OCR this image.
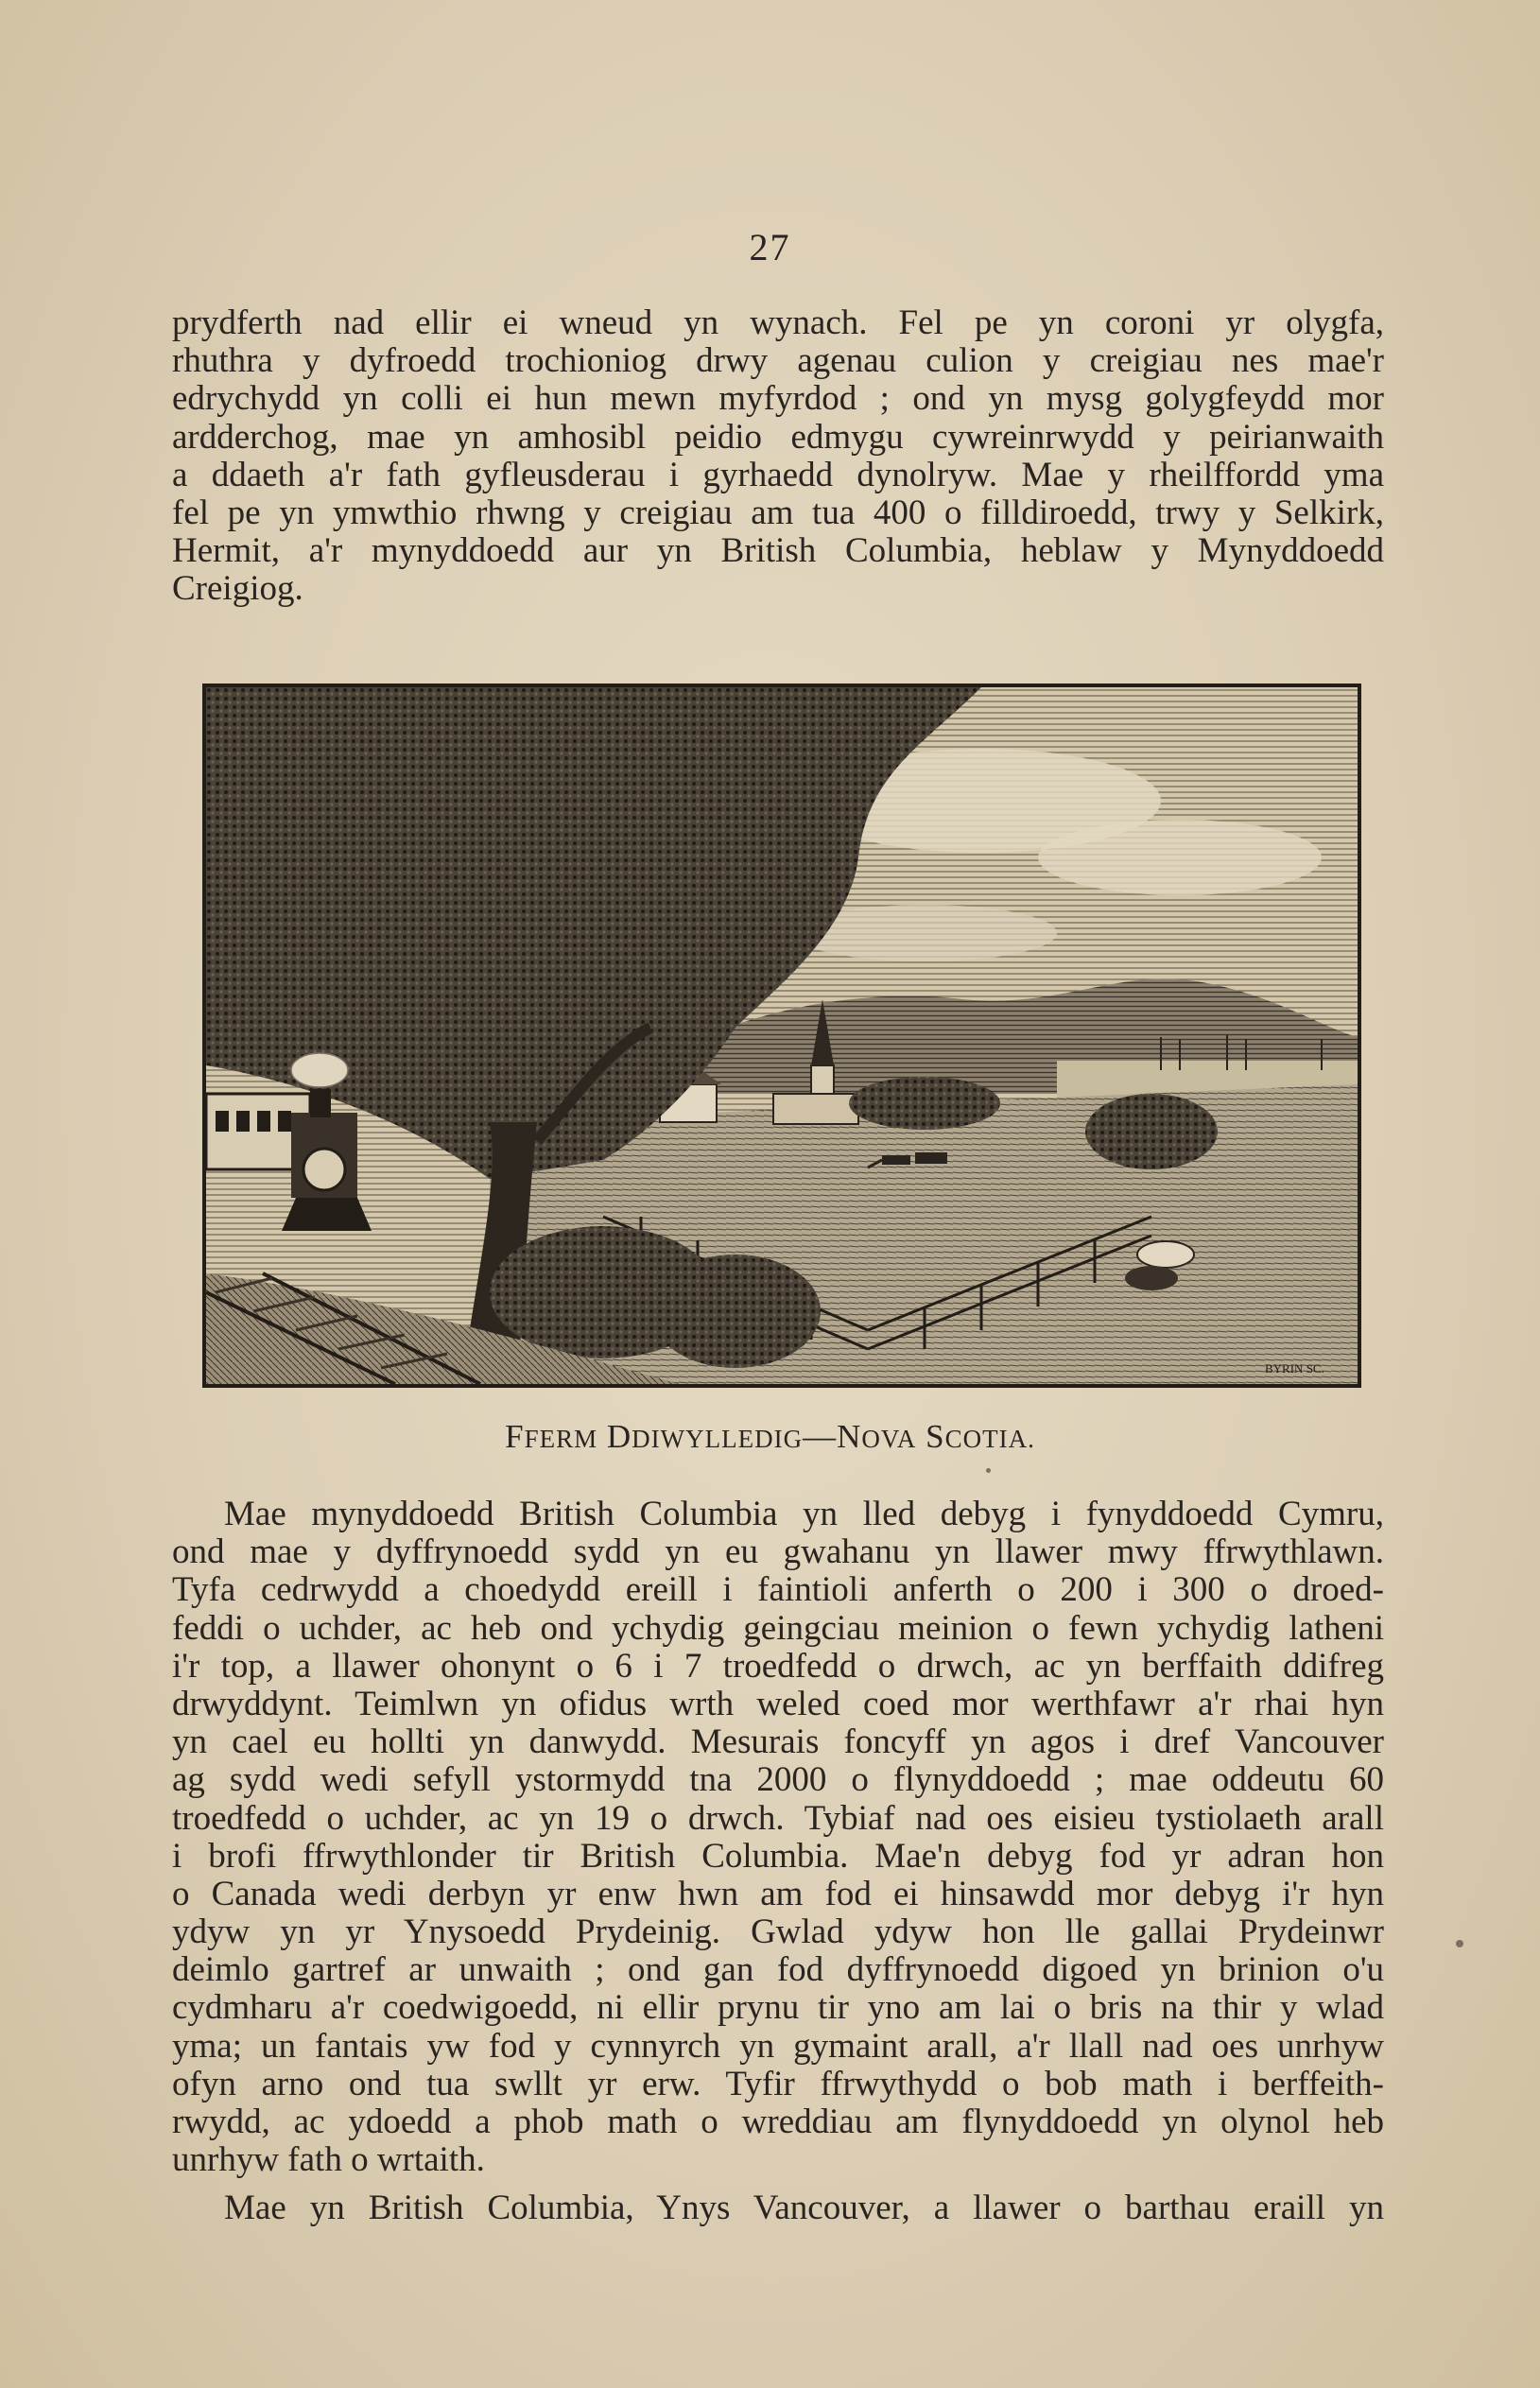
27
prydferth nad ellir ei wneud yn wynach. Fel pe yn coroni yr olygfa,
rhuthra y dyfroedd trochioniog drwy agenau culion y creigiau nes mae'r
edrychydd yn colli ei hun mewn myfyrdod ; ond yn mysg golygfeydd mor
ardderchog, mae yn amhosibl peidio edmygu cywreinrwydd y peirianwaith
a ddaeth a'r fath gyfleusderau i gyrhaedd dynolryw. Mae y rheilffordd yma
fel pe yn ymwthio rhwng y creigiau am tua 400 o filldiroedd, trwy y Selkirk,
Hermit, a'r mynyddoedd aur yn British Columbia, heblaw y Mynyddoedd
Creigiog.
BYRIN SC.
FFERM DDIWYLLEDIG—NOVA SCOTIA.
Mae mynyddoedd British Columbia yn lled debyg i fynyddoedd Cymru,
ond mae y dyffrynoedd sydd yn eu gwahanu yn llawer mwy ffrwythlawn.
Tyfa cedrwydd a choedydd ereill i faintioli anferth o 200 i 300 o droed-
feddi o uchder, ac heb ond ychydig geingciau meinion o fewn ychydig latheni
i'r top, a llawer ohonynt o 6 i 7 troedfedd o drwch, ac yn berffaith ddifreg
drwyddynt. Teimlwn yn ofidus wrth weled coed mor werthfawr a'r rhai hyn
yn cael eu hollti yn danwydd. Mesurais foncyff yn agos i dref Vancouver
ag sydd wedi sefyll ystormydd tna 2000 o flynyddoedd ; mae oddeutu 60
troedfedd o uchder, ac yn 19 o drwch. Tybiaf nad oes eisieu tystiolaeth arall
i brofi ffrwythlonder tir British Columbia. Mae'n debyg fod yr adran hon
o Canada wedi derbyn yr enw hwn am fod ei hinsawdd mor debyg i'r hyn
ydyw yn yr Ynysoedd Prydeinig. Gwlad ydyw hon lle gallai Prydeinwr
deimlo gartref ar unwaith ; ond gan fod dyffrynoedd digoed yn brinion o'u
cydmharu a'r coedwigoedd, ni ellir prynu tir yno am lai o bris na thir y wlad
yma; un fantais yw fod y cynnyrch yn gymaint arall, a'r llall nad oes unrhyw
ofyn arno ond tua swllt yr erw. Tyfir ffrwythydd o bob math i berffeith-
rwydd, ac ydoedd a phob math o wreddiau am flynyddoedd yn olynol heb
unrhyw fath o wrtaith.
Mae yn British Columbia, Ynys Vancouver, a llawer o barthau eraill yn
